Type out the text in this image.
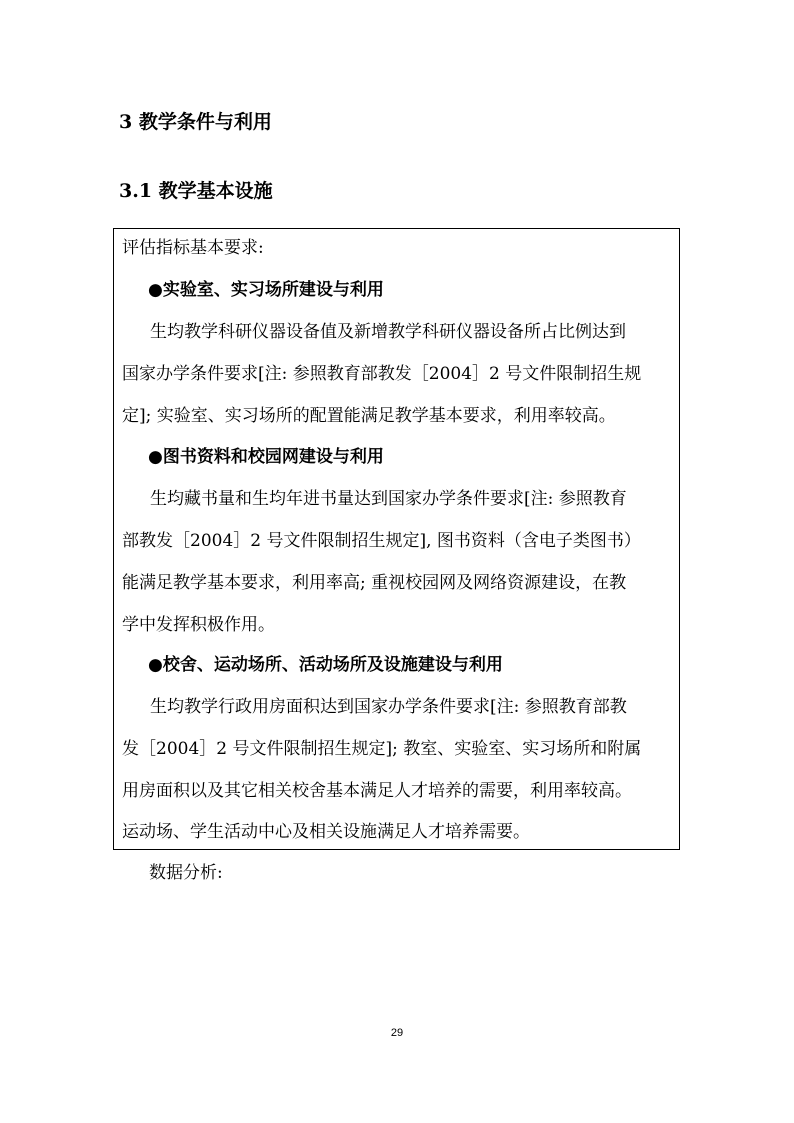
3 教学条件与利用

3.1 教学基本设施

评估指标基本要求:

●实验室、实习场所建设与利用

生均教学科研仪器设备值及新增教学科研仪器设备所占比例达到

国家办学条件要求[注: 参照教育部教发［2004］2 号文件限制招生规

定]; 实验室、实习场所的配置能满足教学基本要求，利用率较高。

●图书资料和校园网建设与利用

生均藏书量和生均年进书量达到国家办学条件要求[注: 参照教育

部教发［2004］2 号文件限制招生规定], 图书资料（含电子类图书）

能满足教学基本要求，利用率高; 重视校园网及网络资源建设，在教

学中发挥积极作用。

●校舍、运动场所、活动场所及设施建设与利用

生均教学行政用房面积达到国家办学条件要求[注: 参照教育部教

发［2004］2 号文件限制招生规定]; 教室、实验室、实习场所和附属

用房面积以及其它相关校舍基本满足人才培养的需要，利用率较高。

运动场、学生活动中心及相关设施满足人才培养需要。

数据分析:

29
